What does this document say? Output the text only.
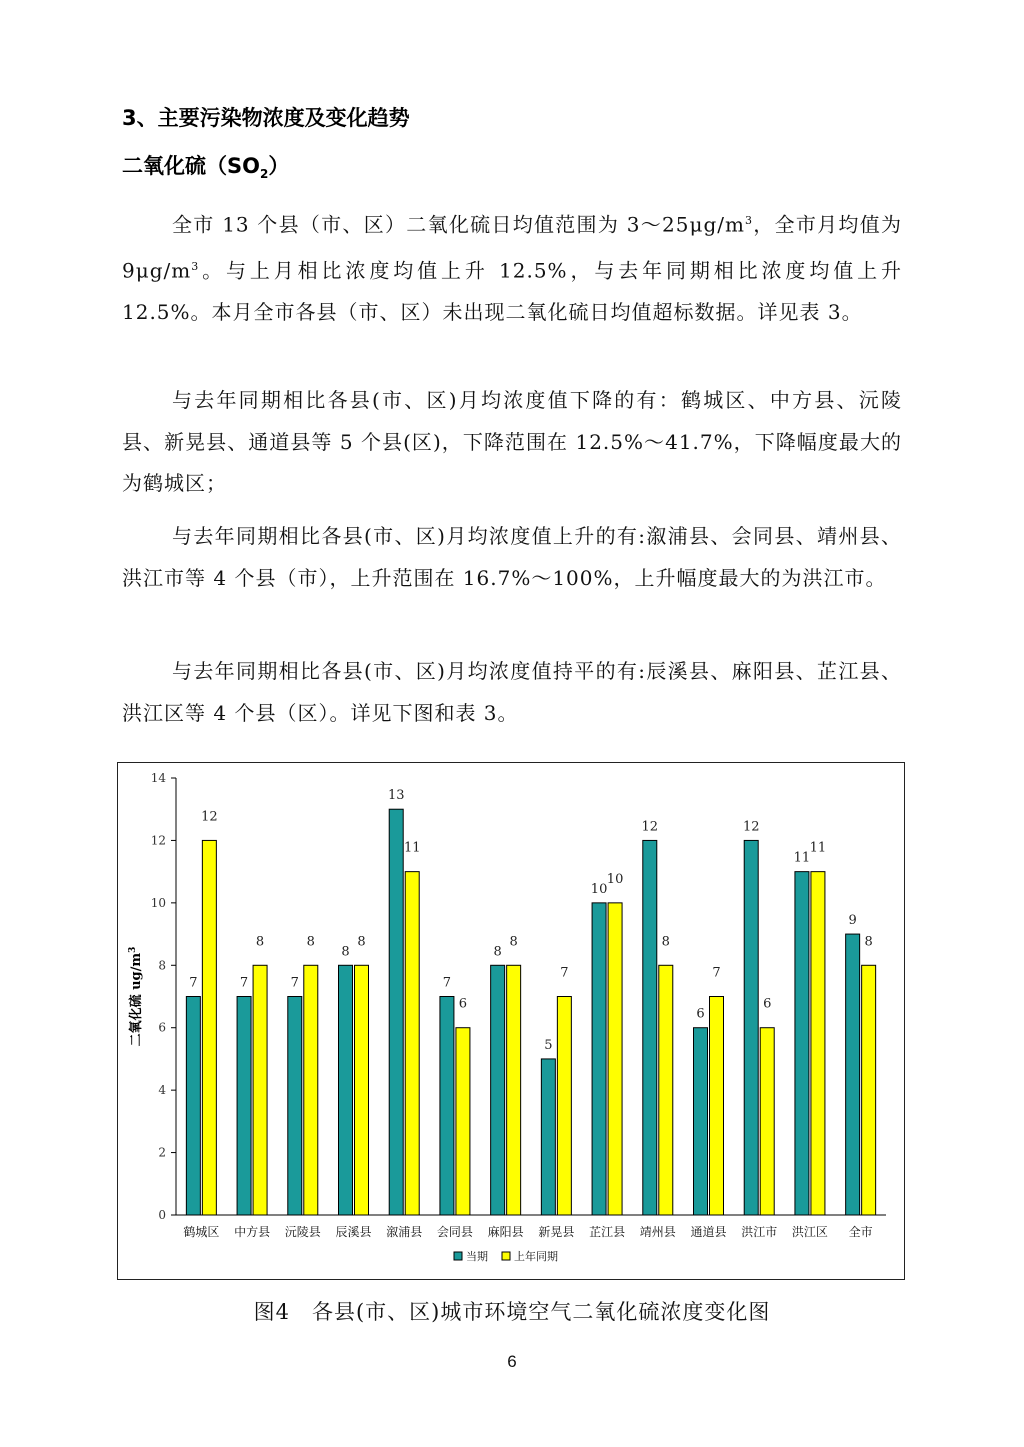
3、主要污染物浓度及变化趋势
二氧化硫$(SO_2)$

全市 13 个县（市、区）二氧化硫日均值范围为 $3\sim 25\mu g/m^3$，全市月均值为 $9\mu g/m^3$。与上月相比浓度均值上升 12.5%，与去年同期相比浓度均值上升 12.5%。本月全市各县（市、区）未出现二氧化硫日均值超标数据。详见表 3。

与去年同期相比各县(市、区)月均浓度值下降的有：鹤城区、中方县、沅陵县、新晃县、通道县等 5 个县(区)，下降范围在 12.5%～41.7%，下降幅度最大的为鹤城区；

与去年同期相比各县(市、区)月均浓度值上升的有:溆浦县、会同县、靖州县、洪江市等 4 个县（市），上升范围在 16.7%～100%，上升幅度最大的为洪江市。

与去年同期相比各县(市、区)月均浓度值持平的有:辰溪县、麻阳县、芷江县、洪江区等 4 个县（区）。详见下图和表 3。

0
2
4
6
8
10
12
14
二氧化硫 $ug/m^3$
7
12
鹤城区
7
8
中方县
7
8
沅陵县
8
8
辰溪县
13
11
溆浦县
7
6
会同县
8
8
麻阳县
5
7
新晃县
10
10
芷江县
12
8
靖州县
6
7
通道县
12
6
洪江市
11
11
洪江区
9
8
全市
当期 上年同期
图4　各县(市、区)城市环境空气二氧化硫浓度变化图
6
